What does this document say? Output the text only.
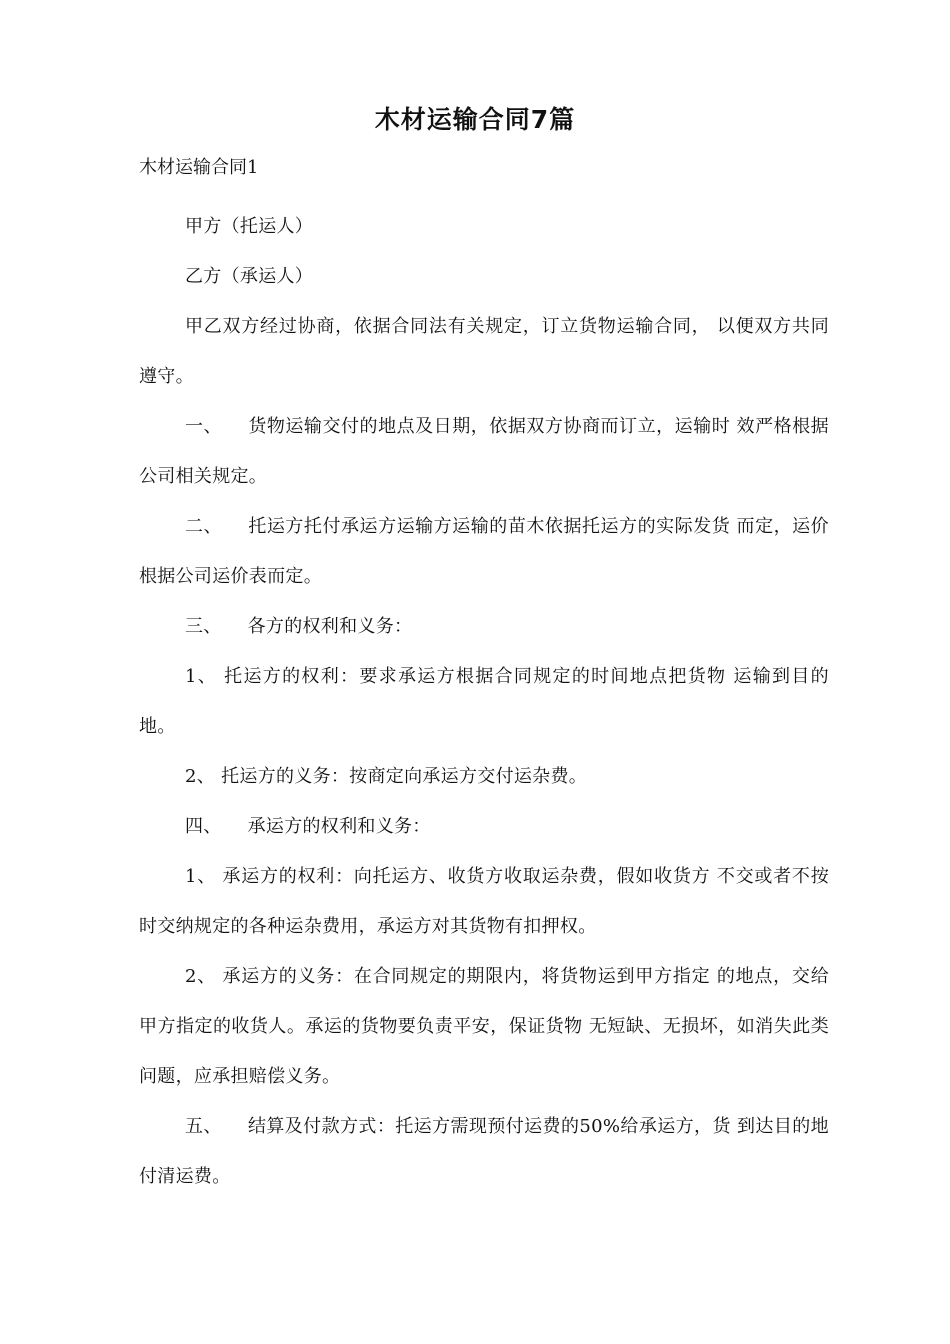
木材运输合同7篇
木材运输合同1

甲方（托运人）

乙方（承运人）

甲乙双方经过协商，依据合同法有关规定，订立货物运输合同， 以便双方共同遵守。

一、 货物运输交付的地点及日期，依据双方协商而订立，运输时 效严格根据公司相关规定。

二、 托运方托付承运方运输方运输的苗木依据托运方的实际发货 而定，运价根据公司运价表而定。

三、 各方的权利和义务：

1、 托运方的权利：要求承运方根据合同规定的时间地点把货物 运输到目的地。

2、 托运方的义务：按商定向承运方交付运杂费。

四、 承运方的权利和义务：

1、 承运方的权利：向托运方、收货方收取运杂费，假如收货方 不交或者不按时交纳规定的各种运杂费用，承运方对其货物有扣押权。

2、 承运方的义务：在合同规定的期限内，将货物运到甲方指定 的地点，交给甲方指定的收货人。承运的货物要负责平安，保证货物 无短缺、无损坏，如消失此类问题，应承担赔偿义务。

五、 结算及付款方式：托运方需现预付运费的50%给承运方，货 到达目的地付清运费。
